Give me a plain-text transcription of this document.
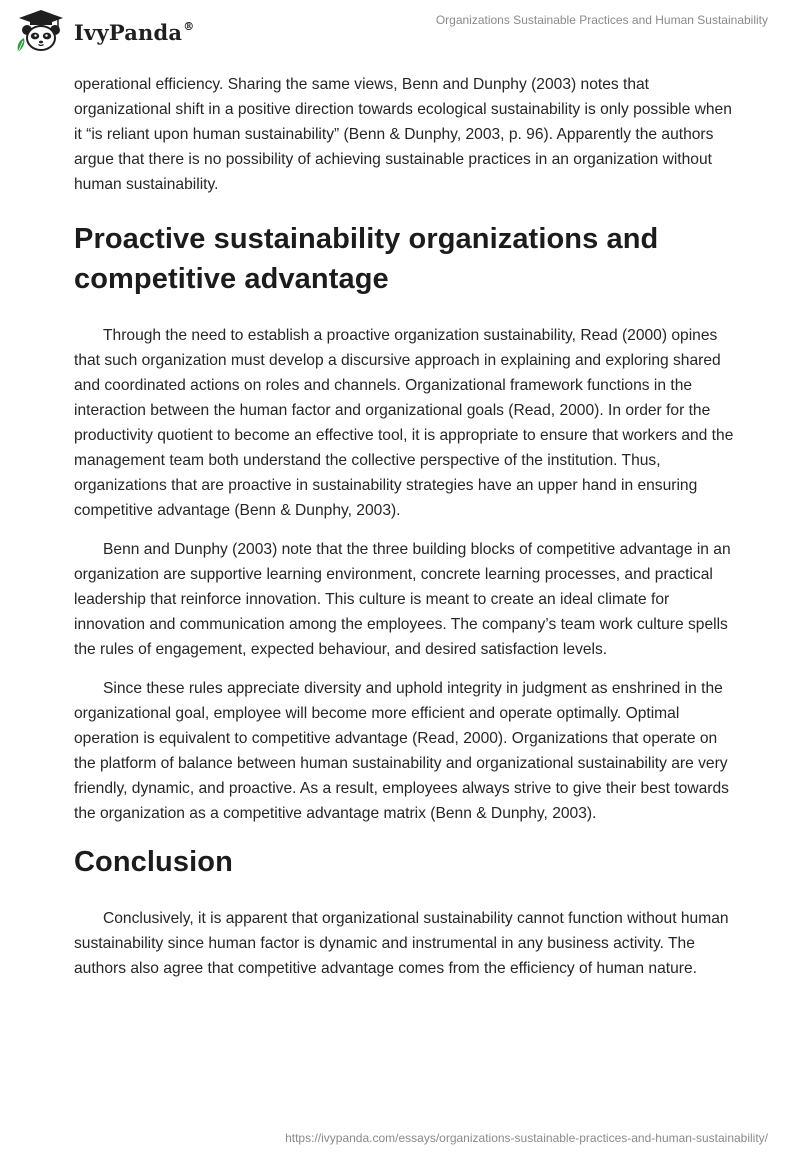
IvyPanda®	Organizations Sustainable Practices and Human Sustainability

operational efficiency. Sharing the same views, Benn and Dunphy (2003) notes that organizational shift in a positive direction towards ecological sustainability is only possible when it “is reliant upon human sustainability” (Benn & Dunphy, 2003, p. 96). Apparently the authors argue that there is no possibility of achieving sustainable practices in an organization without human sustainability.

Proactive sustainability organizations and competitive advantage

Through the need to establish a proactive organization sustainability, Read (2000) opines that such organization must develop a discursive approach in explaining and exploring shared and coordinated actions on roles and channels. Organizational framework functions in the interaction between the human factor and organizational goals (Read, 2000). In order for the productivity quotient to become an effective tool, it is appropriate to ensure that workers and the management team both understand the collective perspective of the institution. Thus, organizations that are proactive in sustainability strategies have an upper hand in ensuring competitive advantage (Benn & Dunphy, 2003).

Benn and Dunphy (2003) note that the three building blocks of competitive advantage in an organization are supportive learning environment, concrete learning processes, and practical leadership that reinforce innovation. This culture is meant to create an ideal climate for innovation and communication among the employees. The company’s team work culture spells the rules of engagement, expected behaviour, and desired satisfaction levels.

Since these rules appreciate diversity and uphold integrity in judgment as enshrined in the organizational goal, employee will become more efficient and operate optimally. Optimal operation is equivalent to competitive advantage (Read, 2000). Organizations that operate on the platform of balance between human sustainability and organizational sustainability are very friendly, dynamic, and proactive. As a result, employees always strive to give their best towards the organization as a competitive advantage matrix (Benn & Dunphy, 2003).

Conclusion

Conclusively, it is apparent that organizational sustainability cannot function without human sustainability since human factor is dynamic and instrumental in any business activity. The authors also agree that competitive advantage comes from the efficiency of human nature.

https://ivypanda.com/essays/organizations-sustainable-practices-and-human-sustainability/
